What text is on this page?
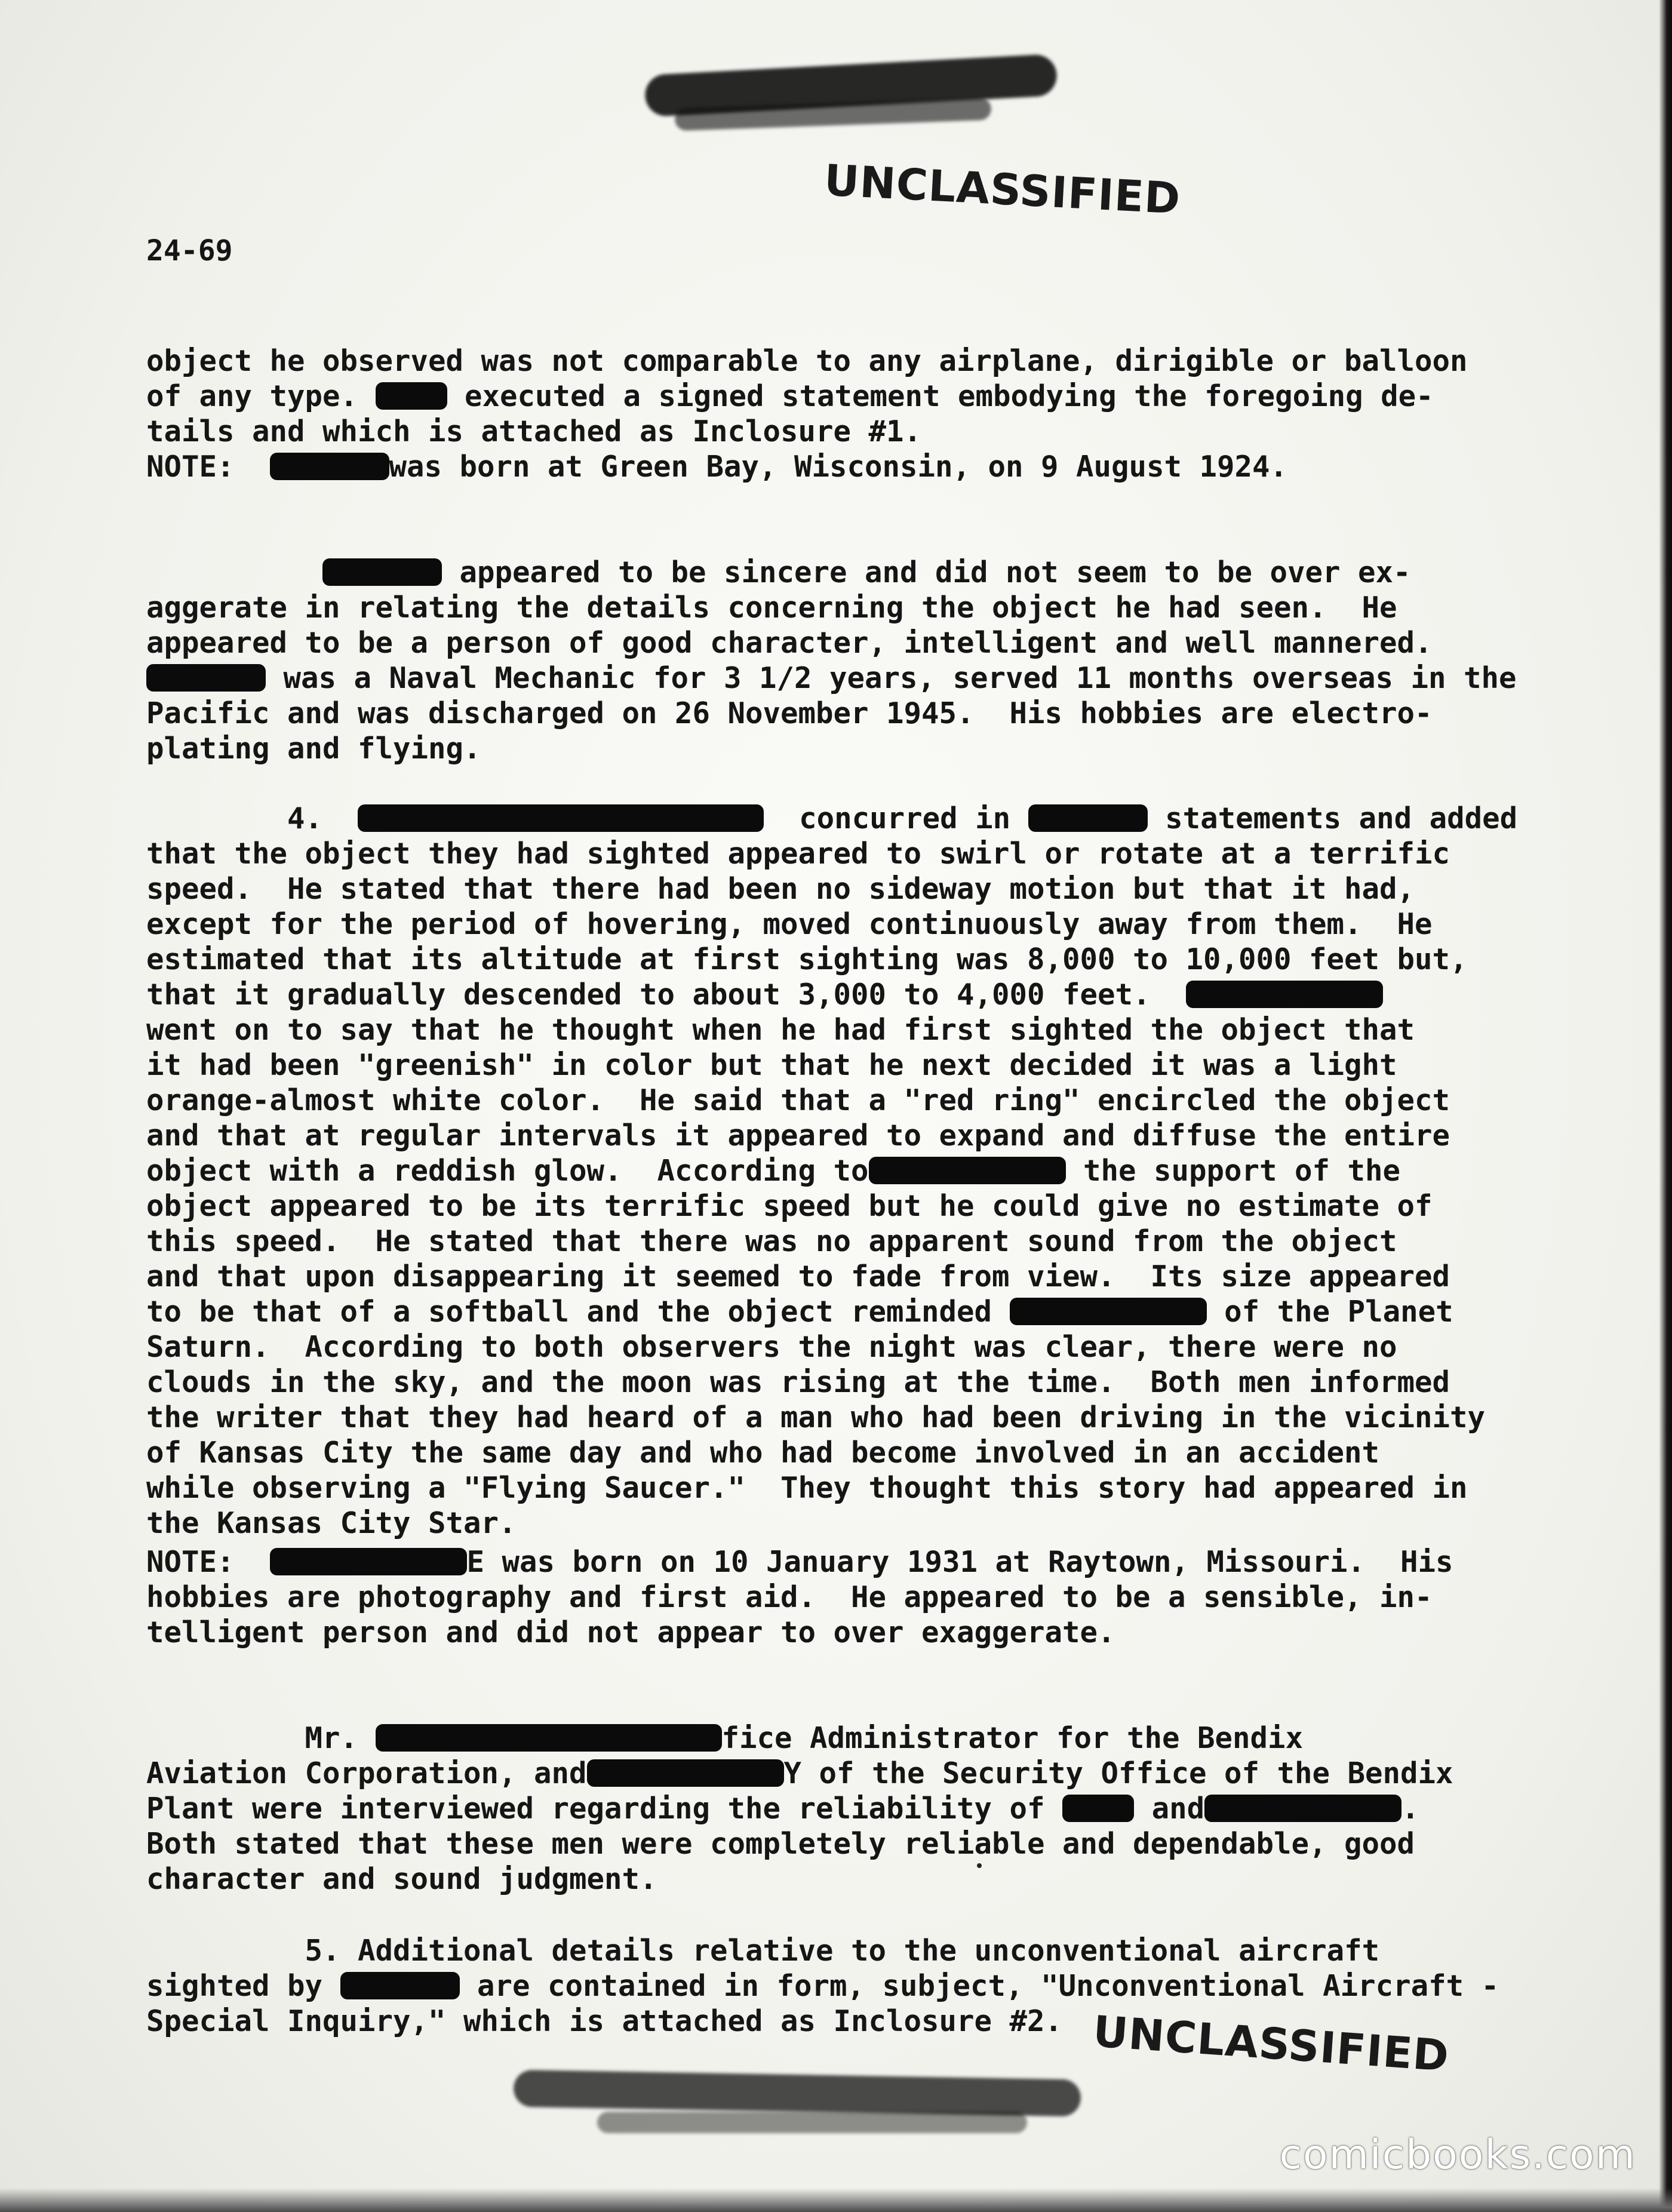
UNCLASSIFIED
24-69

object he observed was not comparable to any airplane, dirigible or balloon
of any type.	executed a signed statement embodying the foregoing de-
tails and which is attached as Inclosure #1.
NOTE:	was born at Green Bay, Wisconsin, on 9 August 1924.

appeared to be sincere and did not seem to be over ex-
aggerate in relating the details concerning the object he had seen.  He
appeared to be a person of good character, intelligent and well mannered.
was a Naval Mechanic for 3 1/2 years, served 11 months overseas in the
Pacific and was discharged on 26 November 1945.  His hobbies are electro-
plating and flying.

4.	concurred in	statements and added
that the object they had sighted appeared to swirl or rotate at a terrific
speed.  He stated that there had been no sideway motion but that it had,
except for the period of hovering, moved continuously away from them.  He
estimated that its altitude at first sighting was 8,000 to 10,000 feet but,
that it gradually descended to about 3,000 to 4,000 feet.
went on to say that he thought when he had first sighted the object that
it had been "greenish" in color but that he next decided it was a light
orange-almost white color.  He said that a "red ring" encircled the object
and that at regular intervals it appeared to expand and diffuse the entire
object with a reddish glow.  According to	the support of the
object appeared to be its terrific speed but he could give no estimate of
this speed.  He stated that there was no apparent sound from the object
and that upon disappearing it seemed to fade from view.  Its size appeared
to be that of a softball and the object reminded	of the Planet
Saturn.  According to both observers the night was clear, there were no
clouds in the sky, and the moon was rising at the time.  Both men informed
the writer that they had heard of a man who had been driving in the vicinity
of Kansas City the same day and who had become involved in an accident
while observing a "Flying Saucer."  They thought this story had appeared in
the Kansas City Star.
NOTE:	E was born on 10 January 1931 at Raytown, Missouri.  His
hobbies are photography and first aid.  He appeared to be a sensible, in-
telligent person and did not appear to over exaggerate.

Mr.	fice Administrator for the Bendix
Aviation Corporation, and	Y of the Security Office of the Bendix
Plant were interviewed regarding the reliability of	and	.
Both stated that these men were completely reliable and dependable, good
character and sound judgment.

5. Additional details relative to the unconventional aircraft
sighted by	are contained in form, subject, "Unconventional Aircraft -
Special Inquiry," which is attached as Inclosure #2. UNCLASSIFIED
comicbooks.com
